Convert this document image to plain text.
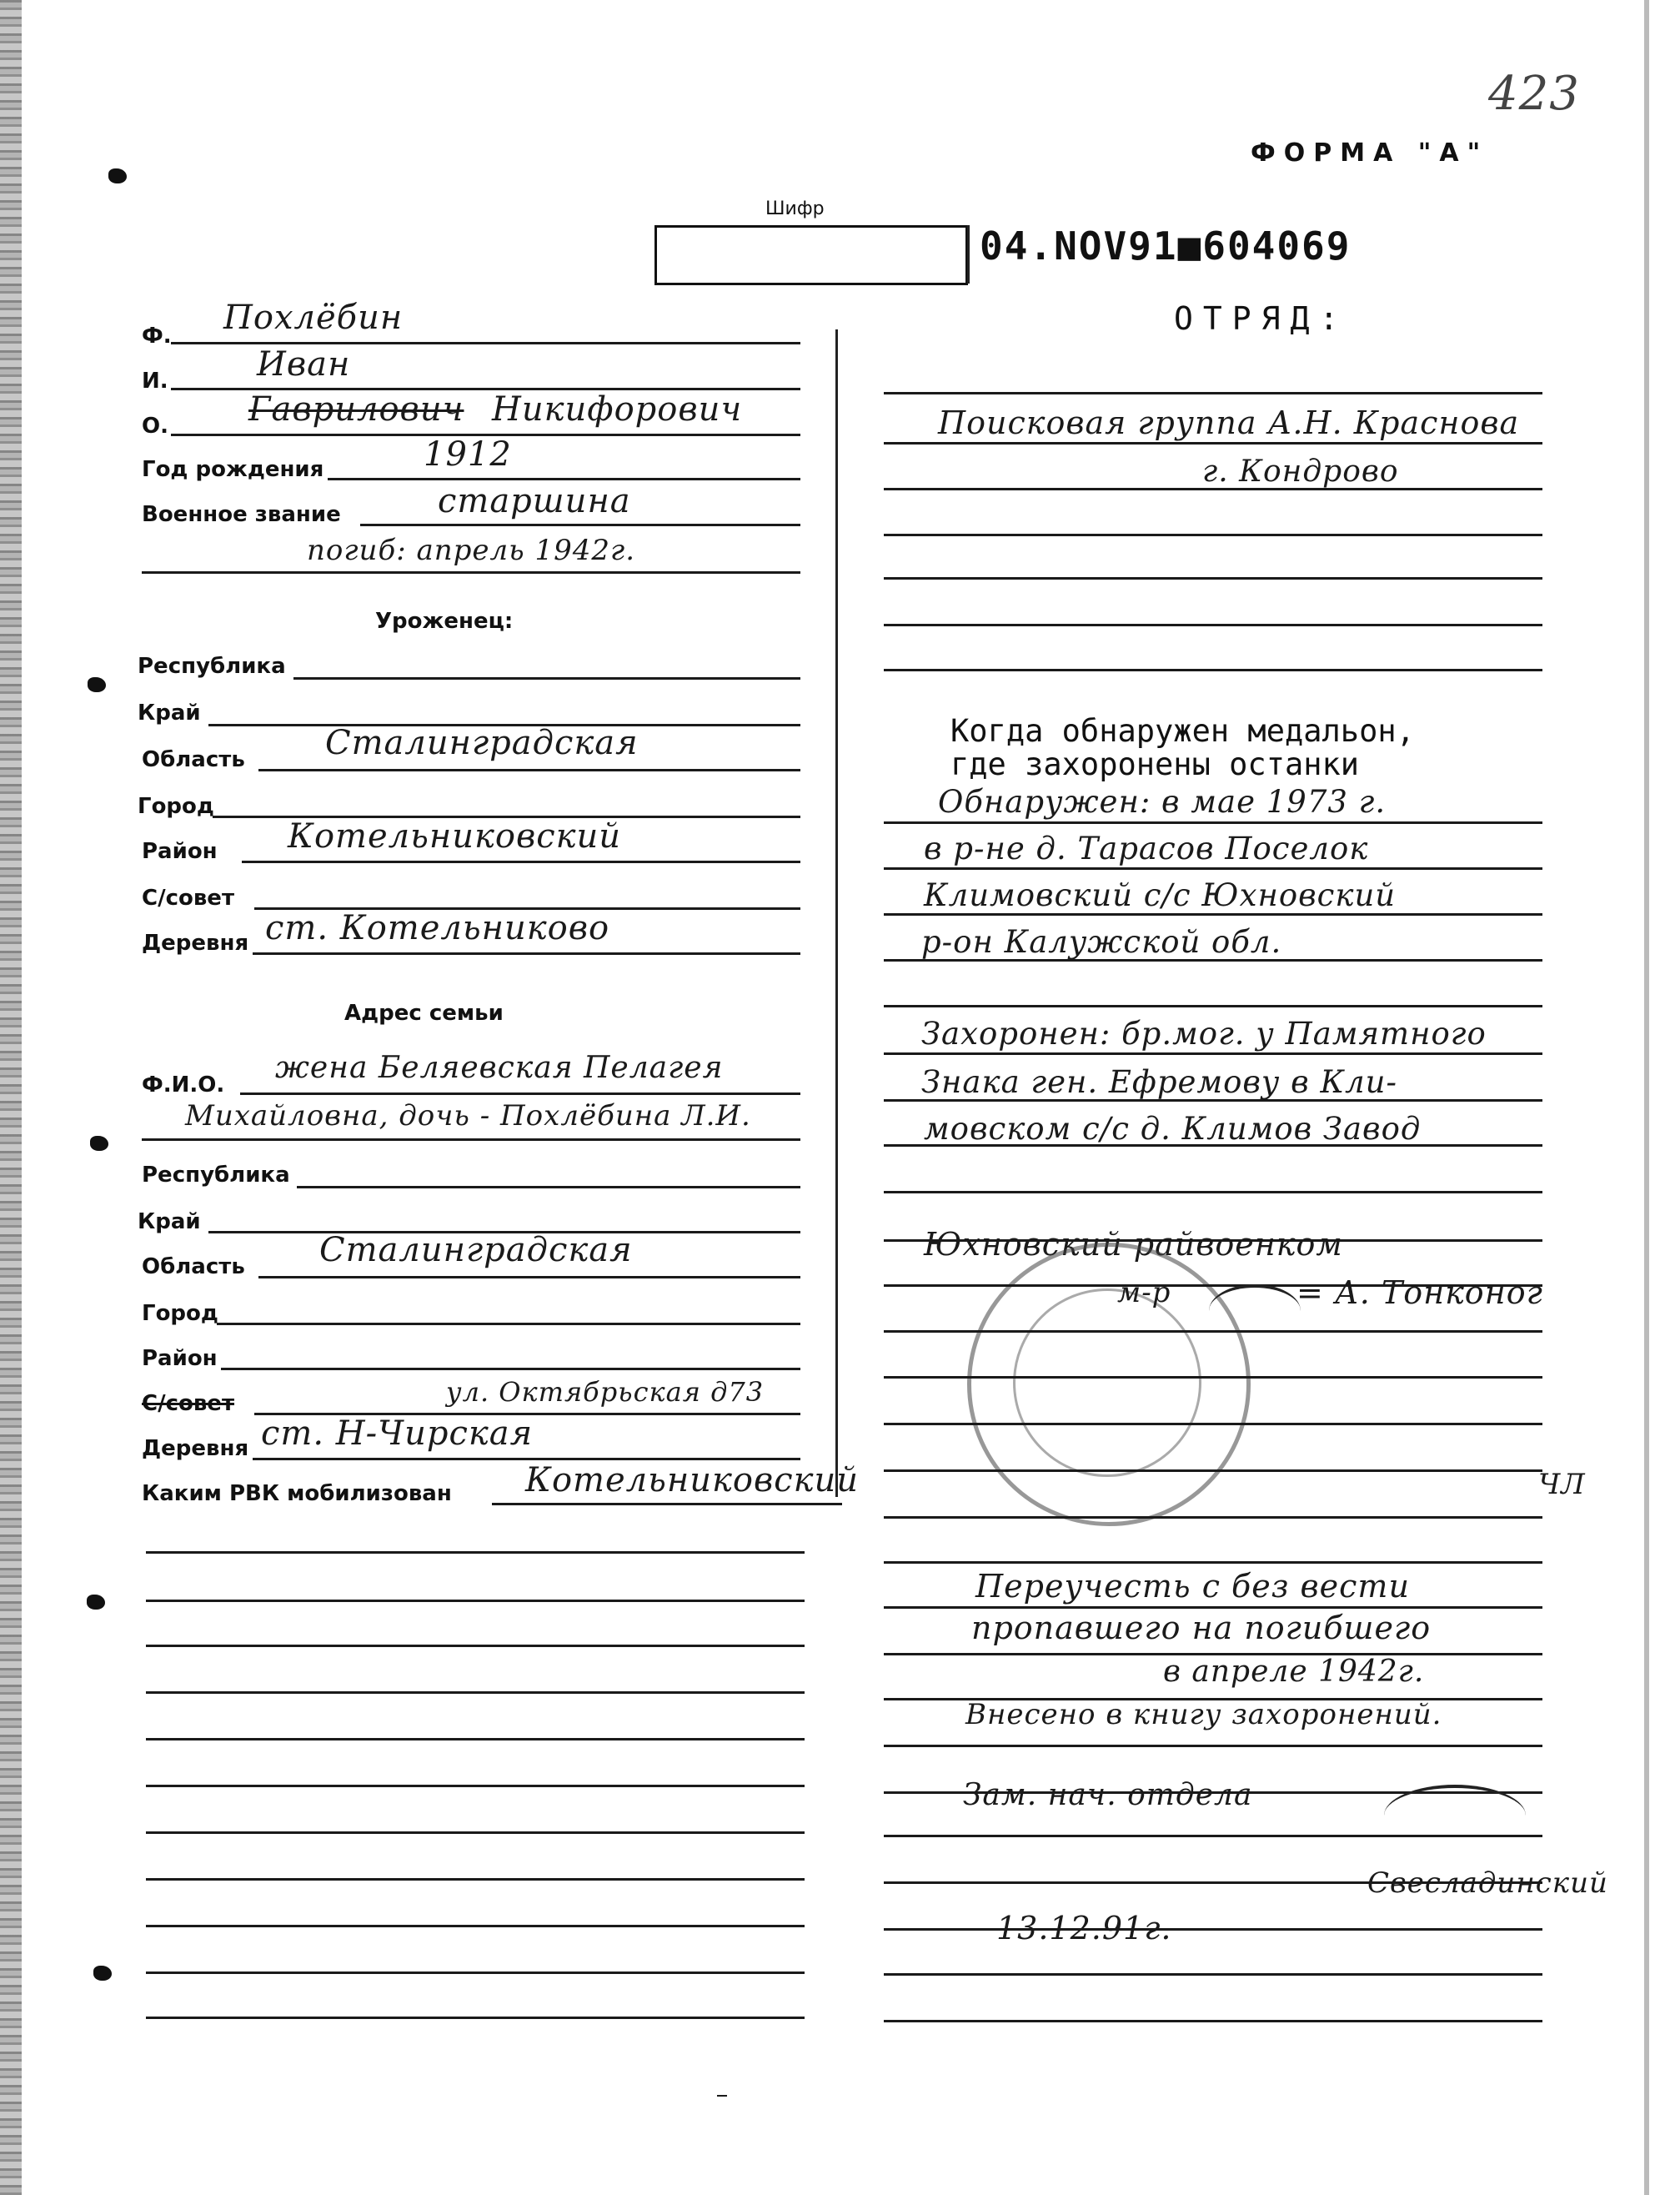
423
ФОРМА "А"
Шифр
04.NOV91■604069
ОТРЯД:
Ф. Похлёбин
И.	Иван
О. Гаврилович Никифорович
Год рождения	1912
Военное звание	старшина
погиб: апрель 1942г.
Уроженец:
Республика
Край
Область Сталинградская
Город
Район Котельниковский
С/совет
Деревня ст. Котельниково
Адрес семьи
Ф.И.О. жена Беляевская Пелагея
Михайловна, дочь - Похлёбина Л.И.
Республика
Край
Область Сталинградская
Город
Район
С/совет	ул. Октябрьская д73
Деревня ст. Н-Чирская
Каким РВК мобилизован Котельниковский
Поисковая группа А.Н. Краснова
г. Кондрово
Когда обнаружен медальон,
где захоронены останки
Обнаружен: в мае 1973 г.
в р-не д. Тарасов Поселок
Климовский с/с Юхновский
р-он Калужской обл.
Захоронен: бр.мог. у Памятного
Знака ген. Ефремову в Кли-
мовском с/с д. Климов Завод
Юхновский райвоенком
м-р	= А. Тонконог
ЧЛ
Переучесть с без вести
пропавшего на погибшего
в апреле 1942г.
Внесено в книгу захоронений.
Зам. нач. отдела
Свесладинский
13.12.91г.
